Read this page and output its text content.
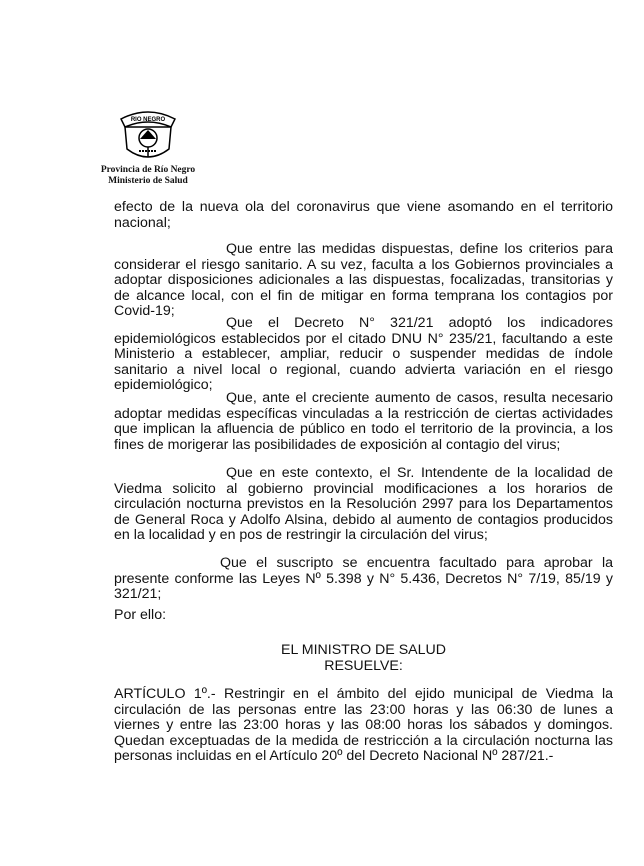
RIO NEGRO
Provincia de Río Negro
Ministerio de Salud
efecto de la nueva ola del coronavirus que viene asomando en el territorio nacional;
Que entre las medidas dispuestas, define los criterios para considerar el riesgo sanitario. A su vez, faculta a los Gobiernos provinciales a adoptar disposiciones adicionales a las dispuestas, focalizadas, transitorias y de alcance local, con el fin de mitigar en forma temprana los contagios por Covid-19;
Que el Decreto N° 321/21 adoptó los indicadores epidemiológicos establecidos por el citado DNU N° 235/21, facultando a este Ministerio a establecer, ampliar, reducir o suspender medidas de índole sanitario a nivel local o regional, cuando advierta variación en el riesgo epidemiológico;
Que, ante el creciente aumento de casos, resulta necesario adoptar medidas específicas vinculadas a la restricción de ciertas actividades que implican la afluencia de público en todo el territorio de la provincia, a los fines de morigerar las posibilidades de exposición al contagio del virus;
Que en este contexto, el Sr. Intendente de la localidad de Viedma solicito al gobierno provincial modificaciones a los horarios de circulación nocturna previstos en la Resolución 2997 para los Departamentos de General Roca y Adolfo Alsina, debido al aumento de contagios producidos en la localidad y en pos de restringir la circulación del virus;
Que el suscripto se encuentra facultado para aprobar la presente conforme las Leyes Nº 5.398 y N° 5.436, Decretos N° 7/19, 85/19 y 321/21;
Por ello:
EL MINISTRO DE SALUD
RESUELVE:
ARTÍCULO 1º.- Restringir en el ámbito del ejido municipal de Viedma la circulación de las personas entre las 23:00 horas y las 06:30 de lunes a viernes y entre las 23:00 horas y las 08:00 horas los sábados y domingos. Quedan exceptuadas de la medida de restricción a la circulación nocturna las personas incluidas en el Artículo 20º del Decreto Nacional Nº 287/21.-
